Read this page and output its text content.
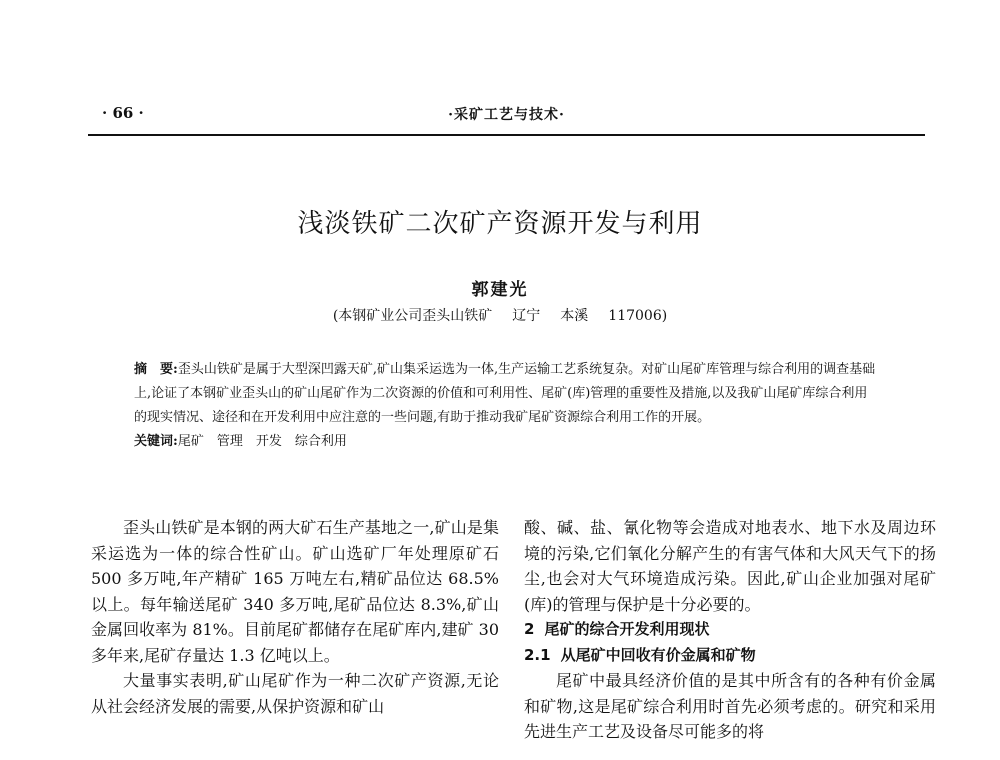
· 66 ·	·采矿工艺与技术·
浅淡铁矿二次矿产资源开发与利用
郭建光
(本钢矿业公司歪头山铁矿 辽宁 本溪 117006)

摘　要:歪头山铁矿是属于大型深凹露天矿,矿山集采运选为一体,生产运输工艺系统复杂。对矿山尾矿库管理与综合利用的调查基础上,论证了本钢矿业歪头山的矿山尾矿作为二次资源的价值和可利用性、尾矿(库)管理的重要性及措施,以及我矿山尾矿库综合利用的现实情况、途径和在开发利用中应注意的一些问题,有助于推动我矿尾矿资源综合利用工作的开展。

关键词:尾矿　管理　开发　综合利用

歪头山铁矿是本钢的两大矿石生产基地之一,矿山是集采运选为一体的综合性矿山。矿山选矿厂年处理原矿石 500 多万吨,年产精矿 165 万吨左右,精矿品位达 68.5%以上。每年输送尾矿 340 多万吨,尾矿品位达 8.3%,矿山金属回收率为 81%。目前尾矿都储存在尾矿库内,建矿 30 多年来,尾矿存量达 1.3 亿吨以上。

大量事实表明,矿山尾矿作为一种二次矿产资源,无论从社会经济发展的需要,从保护资源和矿山

酸、碱、盐、氰化物等会造成对地表水、地下水及周边环境的污染,它们氧化分解产生的有害气体和大风天气下的扬尘,也会对大气环境造成污染。因此,矿山企业加强对尾矿(库)的管理与保护是十分必要的。

2 尾矿的综合开发利用现状

2.1 从尾矿中回收有价金属和矿物

尾矿中最具经济价值的是其中所含有的各种有价金属和矿物,这是尾矿综合利用时首先必须考虑的。研究和采用先进生产工艺及设备尽可能多的将
